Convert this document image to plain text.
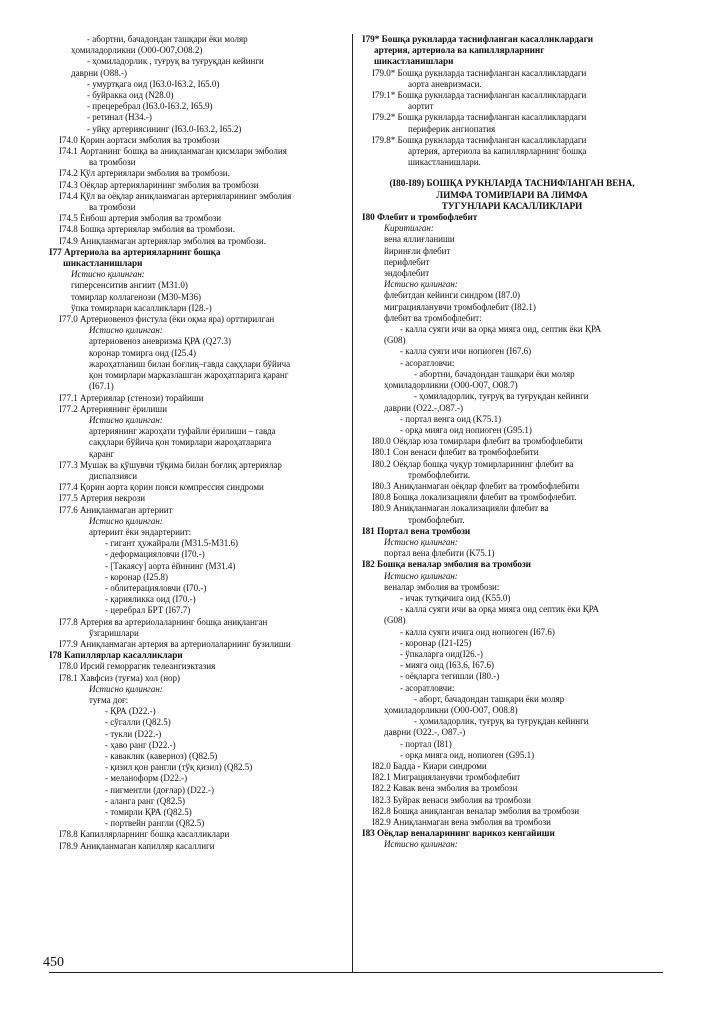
- абортни, бачадондан ташқари ёки моляр
ҳомиладорликни (O00-O07,O08.2)
- ҳомиладорлик , туғруқ ва туғруқдан кейинги
даврни (O88.-)
- умуртқага оид (I63.0-I63.2, I65.0)
- буйракка оид (N28.0)
- прецеребрал (I63.0-I63.2, I65.9)
- ретинал (H34.-)
- уйқу артериясининг (I63.0-I63.2, I65.2)
I74.0 Қорин аортаси эмболия ва тромбози
I74.1 Аортанинг бошқа ва аниқланмаган қисмлари эмболия
ва тромбози
I74.2 Қўл артериялари эмболия ва тромбози.
I74.3 Оёқлар артерияларининг эмболия ва тромбози
I74.4 Қўл ва оёқлар аниқланмаган артерияларининг эмболия
ва тромбози
I74.5 Ёнбош артерия эмболия ва тромбози
I74.8 Бошқа артериялар эмболия ва тромбози.
I74.9 Аниқланмаган артериялар эмболия ва тромбози.
I77 Артериола ва артерияларнинг бошқа
шикастланишлари
Истисно қилинган:
гиперсенситив ангиит (M31.0)
томирлар коллагенози (M30-M36)
ўпка томирлари касалликлари (I28.-)
I77.0 Артериовеноз фистула (ёки оқма яра) орттирилган
Истисно қилинган:
артериовеноз аневризма ҚРА (Q27.3)
коронар томирга оид (I25.4)
жароҳатланиш билан боғлиқ–гавда сақҳлари бўйича
қон томирлари марказлашган жароҳатларига қаранг
(I67.1)
I77.1 Артериялар (стенози) торайиши
I77.2 Артериянинг ёрилиши
Истисно қилинган:
артериянинг жароҳати туфайли ёрилиши – гавда
сақҳлари бўйича қон томирлари жароҳатларига
қаранг
I77.3 Мушак ва қўшувчи тўқима билан боғлиқ артериялар
диспалзияси
I77.4 Қорин аорта қорин пояси компрессия синдроми
I77.5 Артерия некрози
I77.6 Аниқланмаган артериит
Истисно қилинган:
артериит ёки эндартериит:
- гигант ҳужайрали (M31.5-M31.6)
- деформацияловчи (I70.-)
- [Такаясу] аорта ёйининг (M31.4)
- коронар (I25.8)
- облитерацияловчи (I70.-)
- қарияликка оид (I70.-)
- церебрал БРТ (I67.7)
I77.8 Артерия ва артериолаларнинг бошқа аниқланган
ўзгаришлари
I77.9 Аниқланмаган артерия ва артериолаларнинг бузилиши
I78 Капиллярлар касалликлари
I78.0 Ирсий геморрагик телеангиэктазия
I78.1 Хавфсиз (туғма) хол (нор)
Истисно қилинган:
туғма доғ:
- ҚРА (D22.-)
- сўгалли (Q82.5)
- тукли (D22.-)
- ҳаво ранг (D22.-)
- каваклик (каверноз) (Q82.5)
- қизил қон рангли (тўқ қизил) (Q82.5)
- меланоформ (D22.-)
- пигментли (доғлар) (D22.-)
- аланга ранг (Q82.5)
- томирли ҚРА (Q82.5)
- портвейн рангли (Q82.5)
I78.8 Капиллярларнинг бошқа касалликлари
I78.9 Аниқланмаган капилляр касаллиги
I79* Бошқа рукнларда таснифланган касалликлардаги
артерия, артериола ва капиллярларнинг
шикастланишлари
I79.0* Бошқа рукнларда таснифланган касалликлардаги
аорта аневризмаси.
I79.1* Бошқа рукнларда таснифланган касалликлардаги
аортит
I79.2* Бошқа рукнларда таснифланган касалликлардаги
периферик ангиопатия
I79.8* Бошқа рукнларда таснифланган касалликлардаги
артерия, артериола ва капиллярларнинг бошқа
шикастланишлари.
(I80-I89) БОШҚА РУКНЛАРДА ТАСНИФЛАНГАН ВЕНА,
ЛИМФА ТОМИРЛАРИ ВА ЛИМФА
ТУГУНЛАРИ КАСАЛЛИКЛАРИ
I80 Флебит и тромбофлебит
Киритилган:
вена яллиғланиши
йиринғли флебит
перифлебит
эндофлебит
Истисно қилинган:
флебитдан кейинги синдром (I87.0)
миграцияланувчи тромбофлебит (I82.1)
флебит ва тромбофлебит:
- калла суяги ичи ва орқа мияга оид, септик ёки ҚРА
(G08)
- калла суяги ичи нопиоген (I67.6)
- асоратловчи:
- абортни, бачадондан ташқари ёки моляр
ҳомиладорликни (O00-O07, O08.7)
- ҳомиладорлик, туғруқ ва туғруқдан кейинги
даврни (O22.-,O87.-)
- портал венга оид (K75.1)
- орқа мияга оид нопиоген (G95.1)
I80.0 Оёқлар юза томирлари флебит ва тромбофлебити
I80.1 Сон венаси флебит ва тромбофлебити
I80.2 Оёқлар бошқа чуқур томирларининг флебит ва
тромбофлебити.
I80.3 Аниқланмаган оёқлар флебит ва тромбофлебити
I80.8 Бошқа локализацияли флебит ва тромбофлебит.
I80.9 Аниқланмаган локализацияли флебит ва
тромбофлебит.
I81 Портал вена тромбози
Истисно қилинган:
портал вена флебити (K75.1)
I82 Бошқа веналар эмболия ва тромбози
Истисно қилинган:
веналар эмболия ва тромбози:
- ичак тутқичига оид (K55.0)
- калла суяги ичи ва орқа мияга оид септик ёки ҚРА
(G08)
- калла суяги ичига оид нопиоген (I67.6)
- коронар (I21-I25)
- ўпкаларга оид(I26.-)
- мияга оид (I63.6, I67.6)
- оёқларга тегишли (I80.-)
- асоратловчи:
- аборт, бачадондан ташқари ёки моляр
ҳомиладорликни (O00-O07, O08.8)
- ҳомиладорлик, туғруқ ва туғруқдан кейинги
даврни (O22.-, O87.-)
- портал (I81)
- орқа мияга оид, нопиоген (G95.1)
I82.0 Бадда - Киари синдроми
I82.1 Миграцияланувчи тромбофлебит
I82.2 Кавак вена эмболия ва тромбози
I82.3 Буйрак венаси эмболия ва тромбози
I82.8 Бошқа аниқланган веналар эмболия ва тромбози
I82.9 Аниқланмаган вена эмболия ва тромбози
I83 Оёқлар веналарининг варикоз кенгайиши
Истисно қилинган:
450
